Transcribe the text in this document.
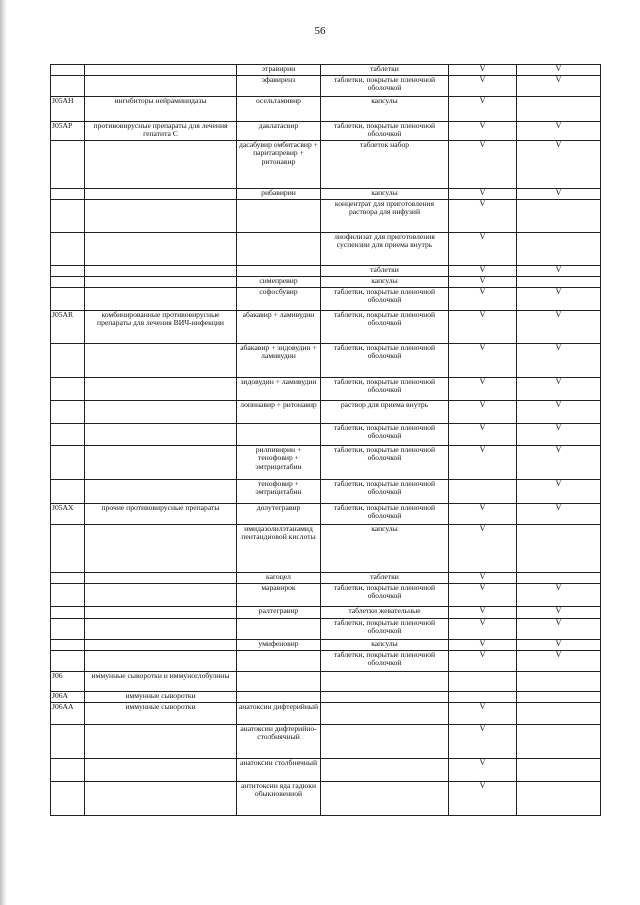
56
		этравирин	таблетки	V	V
		эфавиренз	таблетки, покрытые пленочной оболочкой	V	V
J05AH	ингибиторы нейраминидазы	осельтамивир	капсулы	V	
J05AP	противовирусные препараты для лечения гепатита C	даклатасвир	таблетки, покрытые пленочной оболочкой	V	V
		дасабувир омбитасвир + паритапревир + ритонавир	таблеток набор	V	V
		рибавирин	капсулы	V	V
			концентрат для приготовления раствора для инфузий	V	
			лиофилизат для приготовления суспензии для приема внутрь	V	
			таблетки	V	V
		симепревир	капсулы	V	
		софосбувир	таблетки, покрытые пленочной оболочкой	V	V
J05AR	комбинированные противовирусные препараты для лечения ВИЧ-инфекции	абакавир + ламивудин	таблетки, покрытые пленочной оболочкой	V	V
		абакавир + зидовудин + ламивудин	таблетки, покрытые пленочной оболочкой	V	V
		зидовудин + ламивудин	таблетки, покрытые пленочной оболочкой	V	V
		лопинавир + ритонавир	раствор для приема внутрь	V	V
			таблетки, покрытые пленочной оболочкой	V	V
		рилпивирин + тенофовир + эмтрицитабин	таблетки, покрытые пленочной оболочкой	V	V
		тенофовир + эмтрицитабин	таблетки, покрытые пленочной оболочкой		V
J05AX	прочие противовирусные препараты	долутегравир	таблетки, покрытые пленочной оболочкой	V	V
		имидазолилэтанамид пентандиовой кислоты	капсулы	V	
		кагоцел	таблетки	V	
		маравирок	таблетки, покрытые пленочной оболочкой	V	V
		ралтегравир	таблетки жевательные	V	V
			таблетки, покрытые пленочной оболочкой	V	V
		умифеновир	капсулы	V	V
			таблетки, покрытые пленочной оболочкой	V	V
J06	иммунные сыворотки и иммуноглобулины				
J06A	иммунные сыворотки				
J06AA	иммунные сыворотки	анатоксин дифтерийный		V	
		анатоксин дифтерийно-столбнячный		V	
		анатоксин столбнячный		V	
		антитоксин яда гадюки обыкновенной		V	
